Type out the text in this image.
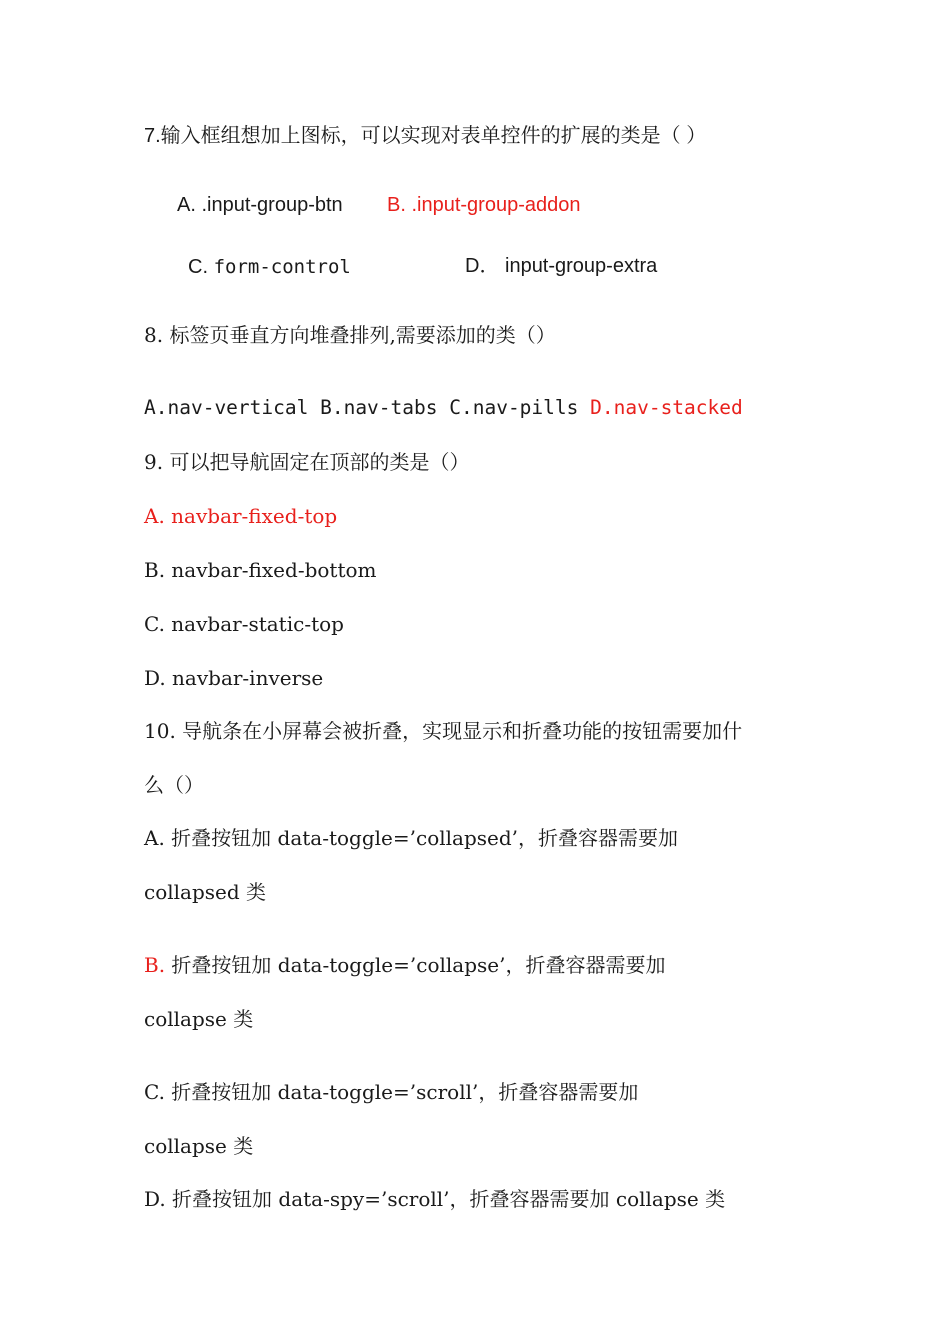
7.输入框组想加上图标，可以实现对表单控件的扩展的类是（ ）
A. .input-group-btn B. .input-group-addon
C. form-control	D． input-group-extra
8. 标签页垂直方向堆叠排列,需要添加的类（）
A.nav-vertical B.nav-tabs C.nav-pills D.nav-stacked
9. 可以把导航固定在顶部的类是（）
A. navbar-fixed-top
B. navbar-fixed-bottom
C. navbar-static-top
D. navbar-inverse
10. 导航条在小屏幕会被折叠，实现显示和折叠功能的按钮需要加什
么（）
A. 折叠按钮加 data-toggle=’collapsed’，折叠容器需要加
collapsed 类
B. 折叠按钮加 data-toggle=’collapse’，折叠容器需要加
collapse 类
C. 折叠按钮加 data-toggle=’scroll’，折叠容器需要加
collapse 类
D. 折叠按钮加 data-spy=’scroll’，折叠容器需要加 collapse 类
